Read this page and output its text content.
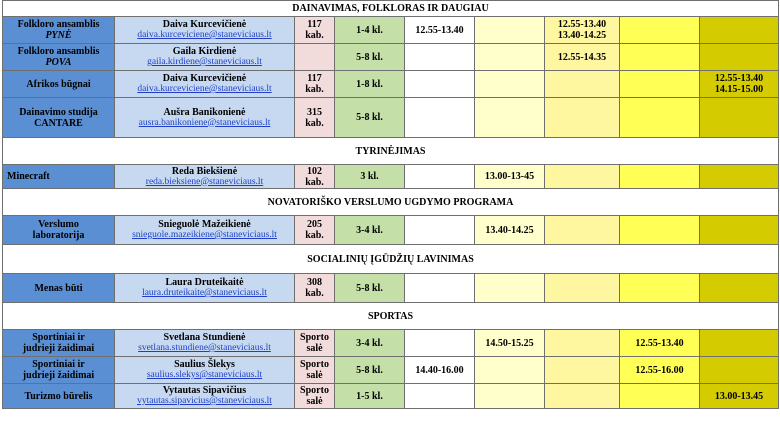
DAINAVIMAS, FOLKLORAS IR DAUGIAU								

Folkloro ansamblis
PYNĖ	Daiva Kurcevičienė
daiva.kurceviciene@staneviciaus.lt	117
kab.	1-4 kl.	12.55-13.40		12.55-13.40
13.40-14.25		

Folkloro ansamblis
POVA	Gaila Kirdienė
gaila.kirdiene@staneviciaus.lt		5-8 kl.			12.55-14.35		

Afrikos būgnai	Daiva Kurcevičienė
daiva.kurceviciene@staneviciaus.lt	117
kab.	1-8 kl.					12.55-13.40
14.15-15.00

Dainavimo studija
CANTARE	Aušra Banikonienė
ausra.banikoniene@staneviciaus.lt	315
kab.	5-8 kl.					
TYRINĖJIMAS								

Minecraft	Reda Biekšienė
reda.bieksiene@staneviciaus.lt	102
kab.	3 kl.		13.00-13-45			
NOVATORIŠKO VERSLUMO UGDYMO PROGRAMA								

Verslumo
laboratorija	Snieguolė Mažeikienė
snieguole.mazeikiene@staneviciaus.lt	205
kab.	3-4 kl.		13.40-14.25			
SOCIALINIŲ ĮGŪDŽIŲ LAVINIMAS								

Menas būti	Laura Druteikaitė
laura.druteikaite@staneviciaus.lt	308
kab.	5-8 kl.					
SPORTAS								

Sportiniai ir
judrieji žaidimai	Svetlana Stundienė
svetlana.stundiene@staneviciaus.lt	Sporto
salė	3-4 kl.		14.50-15.25		12.55-13.40	

Sportiniai ir
judrieji žaidimai	Saulius Šlekys
saulius.slekys@staneviciaus.lt	Sporto
salė	5-8 kl.	14.40-16.00			12.55-16.00	

Turizmo būrelis	Vytautas Sipavičius
vytautas.sipavicius@staneviciaus.lt	Sporto
salė	1-5 kl.					13.00-13.45
